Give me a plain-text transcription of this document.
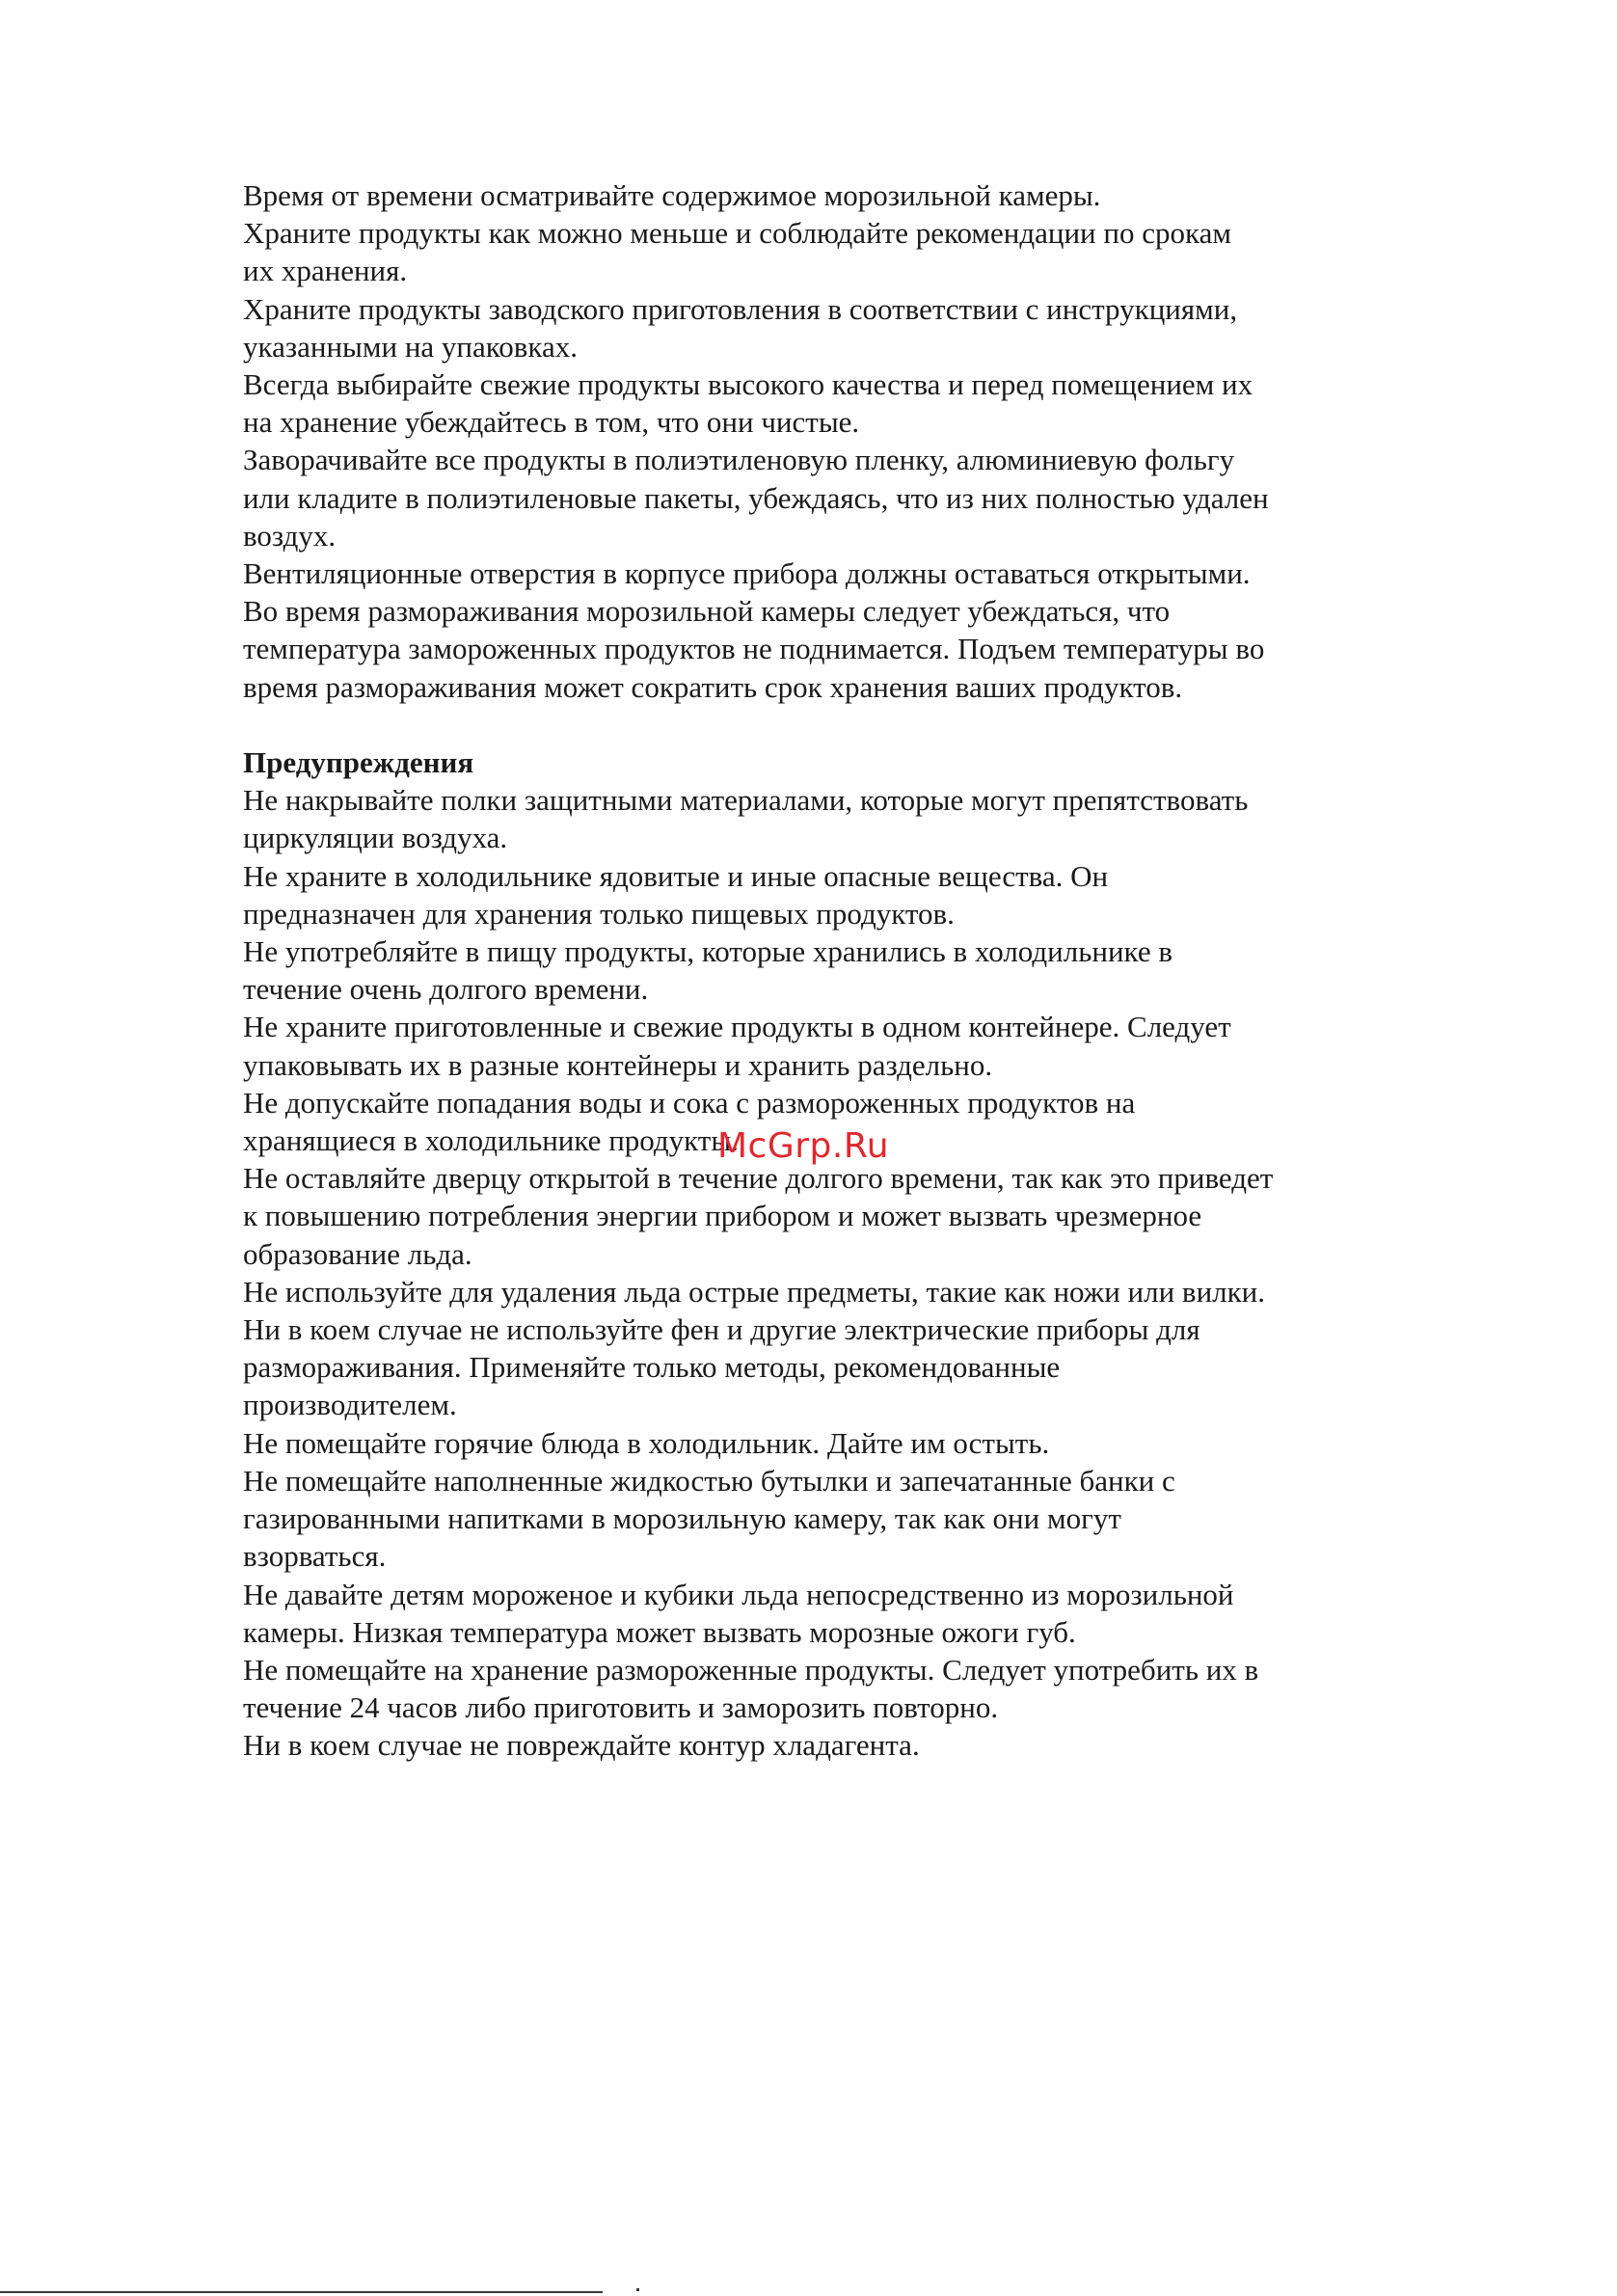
Время от времени осматривайте содержимое морозильной камеры.

Храните продукты как можно меньше и соблюдайте рекомендации по срокам

их хранения.

Храните продукты заводского приготовления в соответствии с инструкциями,

указанными на упаковках.

Всегда выбирайте свежие продукты высокого качества и перед помещением их

на хранение убеждайтесь в том, что они чистые.

Заворачивайте все продукты в полиэтиленовую пленку, алюминиевую фольгу

или кладите в полиэтиленовые пакеты, убеждаясь, что из них полностью удален

воздух.

Вентиляционные отверстия в корпусе прибора должны оставаться открытыми.

Во время размораживания морозильной камеры следует убеждаться, что

температура замороженных продуктов не поднимается. Подъем температуры во

время размораживания может сократить срок хранения ваших продуктов.

Предупреждения

Не накрывайте полки защитными материалами, которые могут препятствовать

циркуляции воздуха.

Не храните в холодильнике ядовитые и иные опасные вещества. Он

предназначен для хранения только пищевых продуктов.

Не употребляйте в пищу продукты, которые хранились в холодильнике в

течение очень долгого времени.

Не храните приготовленные и свежие продукты в одном контейнере. Следует

упаковывать их в разные контейнеры и хранить раздельно.

Не допускайте попадания воды и сока с размороженных продуктов на

хранящиеся в холодильнике продукты.

Не оставляйте дверцу открытой в течение долгого времени, так как это приведет

к повышению потребления энергии прибором и может вызвать чрезмерное

образование льда.

Не используйте для удаления льда острые предметы, такие как ножи или вилки.

Ни в коем случае не используйте фен и другие электрические приборы для

размораживания. Применяйте только методы, рекомендованные

производителем.

Не помещайте горячие блюда в холодильник. Дайте им остыть.

Не помещайте наполненные жидкостью бутылки и запечатанные банки с

газированными напитками в морозильную камеру, так как они могут

взорваться.

Не давайте детям мороженое и кубики льда непосредственно из морозильной

камеры. Низкая температура может вызвать морозные ожоги губ.

Не помещайте на хранение размороженные продукты. Следует употребить их в

течение 24 часов либо приготовить и заморозить повторно.

Ни в коем случае не повреждайте контур хладагента.

McGrp.Ru
